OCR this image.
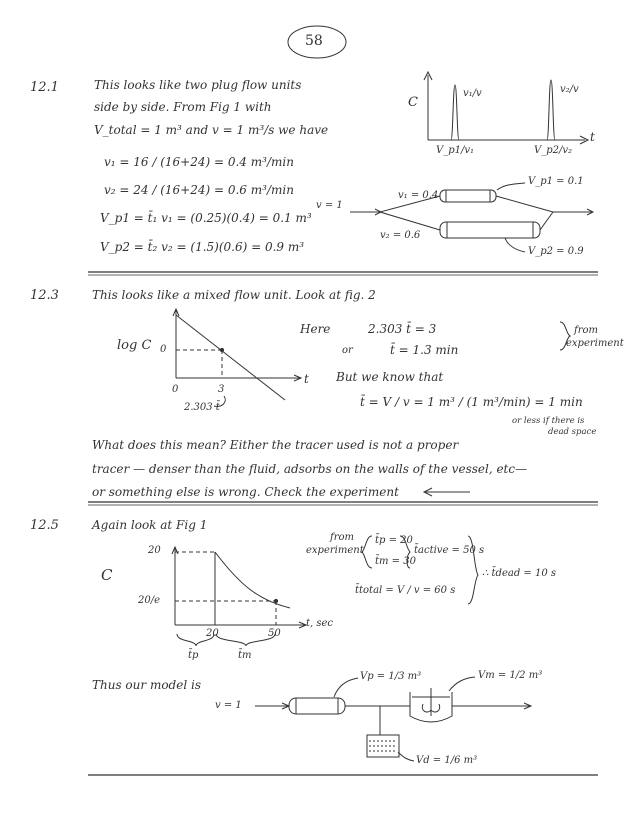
58
12.1	This looks like two plug flow units
side by side. From Fig 1 with
V_total = 1 m³ and v = 1 m³/s we have
v₁ = 16 / (16+24) = 0.4 m³/min
v₂ = 24 / (16+24) = 0.6 m³/min
V_p1 = t̄₁ v₁ = (0.25)(0.4) = 0.1 m³
V_p2 = t̄₂ v₂ = (1.5)(0.6) = 0.9 m³
C
t
v₁/v	v₂/v
V_p1/v₁	V_p2/v₂
v = 1
v₁ = 0.4
v₂ = 0.6
V_p1 = 0.1
V_p2 = 0.9
12.3	This looks like a mixed flow unit. Look at fig. 2
log C 0
0
t
3
2.303 t̄
Here	2.303 t̄ = 3
or	t̄ = 1.3 min
from
experiment
But we know that
t̄ = V / v = 1 m³ / (1 m³/min) = 1 min
or less if there is
dead space
What does this mean? Either the tracer used is not a proper
tracer — denser than the fluid, adsorbs on the walls of the vessel, etc—
or something else is wrong. Check the experiment
12.5	Again look at Fig 1
C
20
20/e
20	50
t, sec
t̄p	t̄m
from
experiment
t̄p = 20
t̄m = 30
t̄active = 50 s
t̄total = V / v = 60 s
∴ t̄dead = 10 s
Thus our model is
v = 1
Vp = 1/3 m³	Vm = 1/2 m³
Vd = 1/6 m³
